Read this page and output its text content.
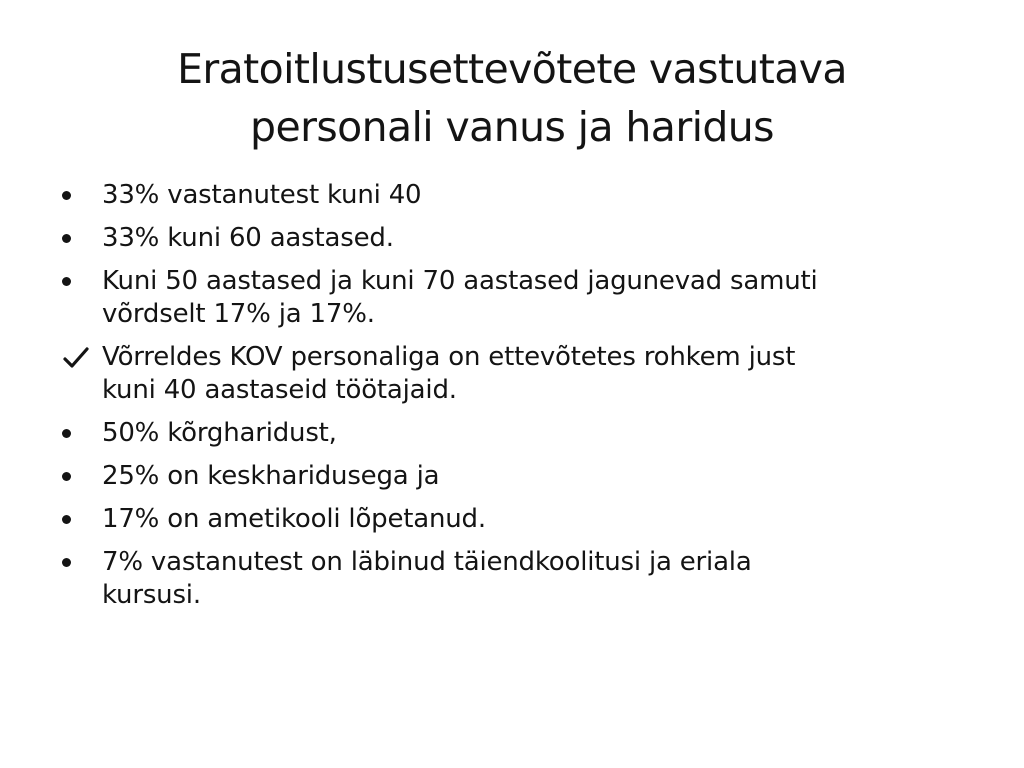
Eratoitlustusettevõtete vastutava
personali vanus ja haridus
33% vastanutest kuni 40
33% kuni 60 aastased.
Kuni 50 aastased ja kuni 70 aastased jagunevad samuti
võrdselt 17% ja 17%.
Võrreldes KOV personaliga on ettevõtetes rohkem just
kuni 40 aastaseid töötajaid.
50% kõrgharidust,
25% on keskharidusega ja
17% on ametikooli lõpetanud.
7% vastanutest on läbinud täiendkoolitusi ja eriala
kursusi.
